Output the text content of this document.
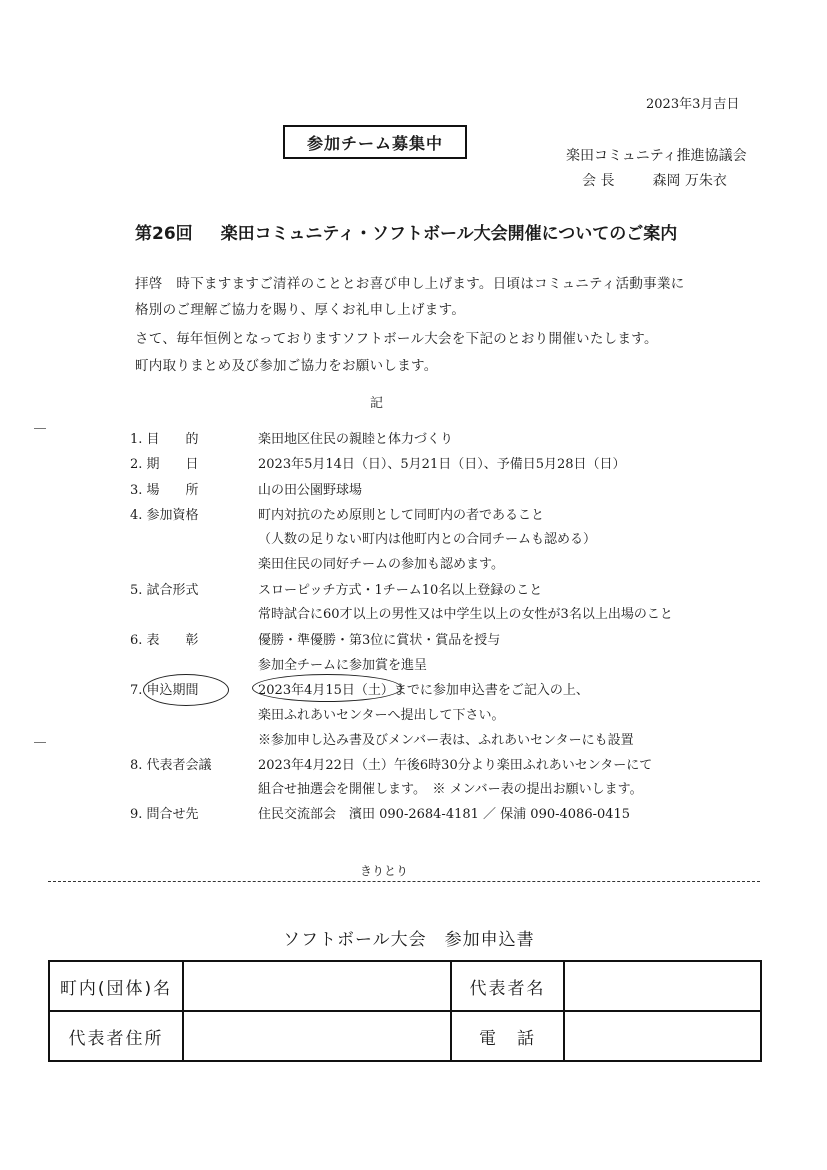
2023年3月吉日
参加チーム募集中
楽田コミュニティ推進協議会
会 長	森岡 万朱衣
第26回 楽田コミュニティ・ソフトボール大会開催についてのご案内
拝啓　時下ますますご清祥のこととお喜び申し上げます。日頃はコミュニティ活動事業に
格別のご理解ご協力を賜り、厚くお礼申し上げます。
さて、毎年恒例となっておりますソフトボール大会を下記のとおり開催いたします。
町内取りまとめ及び参加ご協力をお願いします。
記
1. 目　　的	楽田地区住民の親睦と体力づくり
2. 期　　日	2023年5月14日（日）、5月21日（日）、予備日5月28日（日）
3. 場　　所	山の田公園野球場
4. 参加資格	町内対抗のため原則として同町内の者であること
（人数の足りない町内は他町内との合同チームも認める）
楽田住民の同好チームの参加も認めます。
5. 試合形式	スローピッチ方式・1チーム10名以上登録のこと
常時試合に60才以上の男性又は中学生以上の女性が3名以上出場のこと
6. 表　　彰	優勝・準優勝・第3位に賞状・賞品を授与
参加全チームに参加賞を進呈
7. 申込期間	2023年4月15日（土）までに参加申込書をご記入の上、
楽田ふれあいセンターへ提出して下さい。
※参加申し込み書及びメンバー表は、ふれあいセンターにも設置
8. 代表者会議	2023年4月22日（土）午後6時30分より楽田ふれあいセンターにて
組合せ抽選会を開催します。　※ メンバー表の提出お願いします。
9. 問合せ先	住民交流部会　濱田 090-2684-4181 ／ 保浦 090-4086-0415
きりとり
ソフトボール大会　参加申込書
町内(団体)名		代表者名	
代表者住所		電　話	
